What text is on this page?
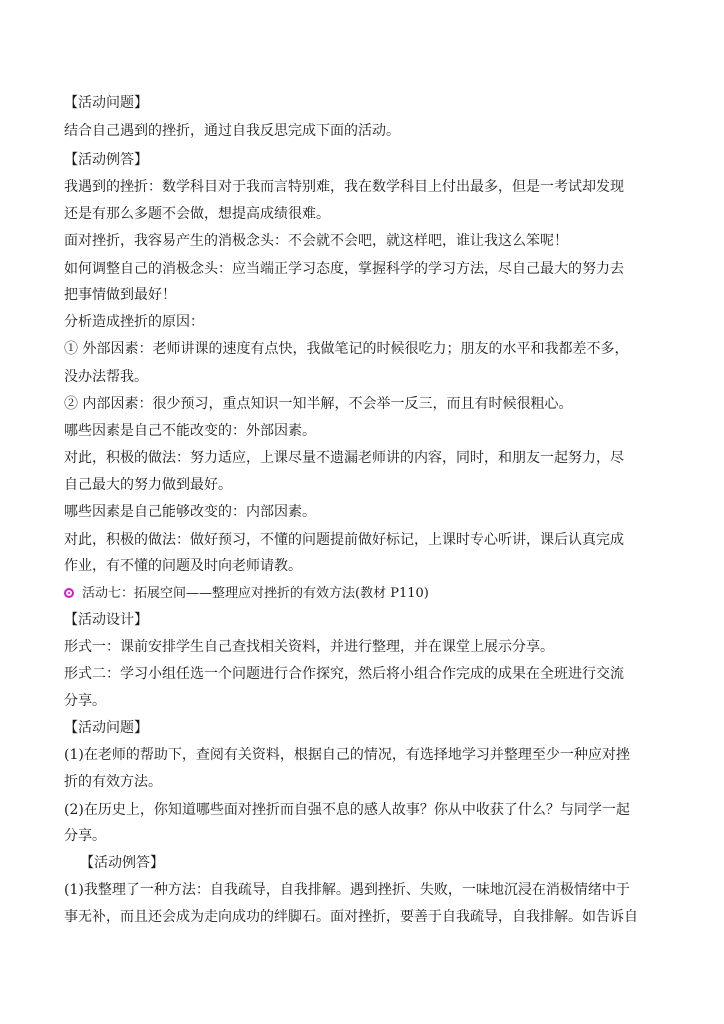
【活动问题】
结合自己遇到的挫折，通过自我反思完成下面的活动。
【活动例答】
我遇到的挫折：数学科目对于我而言特别难，我在数学科目上付出最多，但是一考试却发现
还是有那么多题不会做，想提高成绩很难。
面对挫折，我容易产生的消极念头：不会就不会吧，就这样吧，谁让我这么笨呢！
如何调整自己的消极念头：应当端正学习态度，掌握科学的学习方法，尽自己最大的努力去
把事情做到最好！
分析造成挫折的原因：
① 外部因素：老师讲课的速度有点快，我做笔记的时候很吃力；朋友的水平和我都差不多，
没办法帮我。
② 内部因素：很少预习，重点知识一知半解，不会举一反三，而且有时候很粗心。
哪些因素是自己不能改变的：外部因素。
对此，积极的做法：努力适应，上课尽量不遗漏老师讲的内容，同时，和朋友一起努力，尽
自己最大的努力做到最好。
哪些因素是自己能够改变的：内部因素。
对此，积极的做法：做好预习，不懂的问题提前做好标记，上课时专心听讲，课后认真完成
作业，有不懂的问题及时向老师请教。
活动七：拓展空间——整理应对挫折的有效方法(教材 P110)
【活动设计】
形式一：课前安排学生自己查找相关资料，并进行整理，并在课堂上展示分享。
形式二：学习小组任选一个问题进行合作探究，然后将小组合作完成的成果在全班进行交流
分享。
【活动问题】
(1)在老师的帮助下，查阅有关资料，根据自己的情况，有选择地学习并整理至少一种应对挫
折的有效方法。
(2)在历史上，你知道哪些面对挫折而自强不息的感人故事？你从中收获了什么？与同学一起
分享。
【活动例答】
(1)我整理了一种方法：自我疏导，自我排解。遇到挫折、失败，一味地沉浸在消极情绪中于
事无补，而且还会成为走向成功的绊脚石。面对挫折，要善于自我疏导，自我排解。如告诉自
